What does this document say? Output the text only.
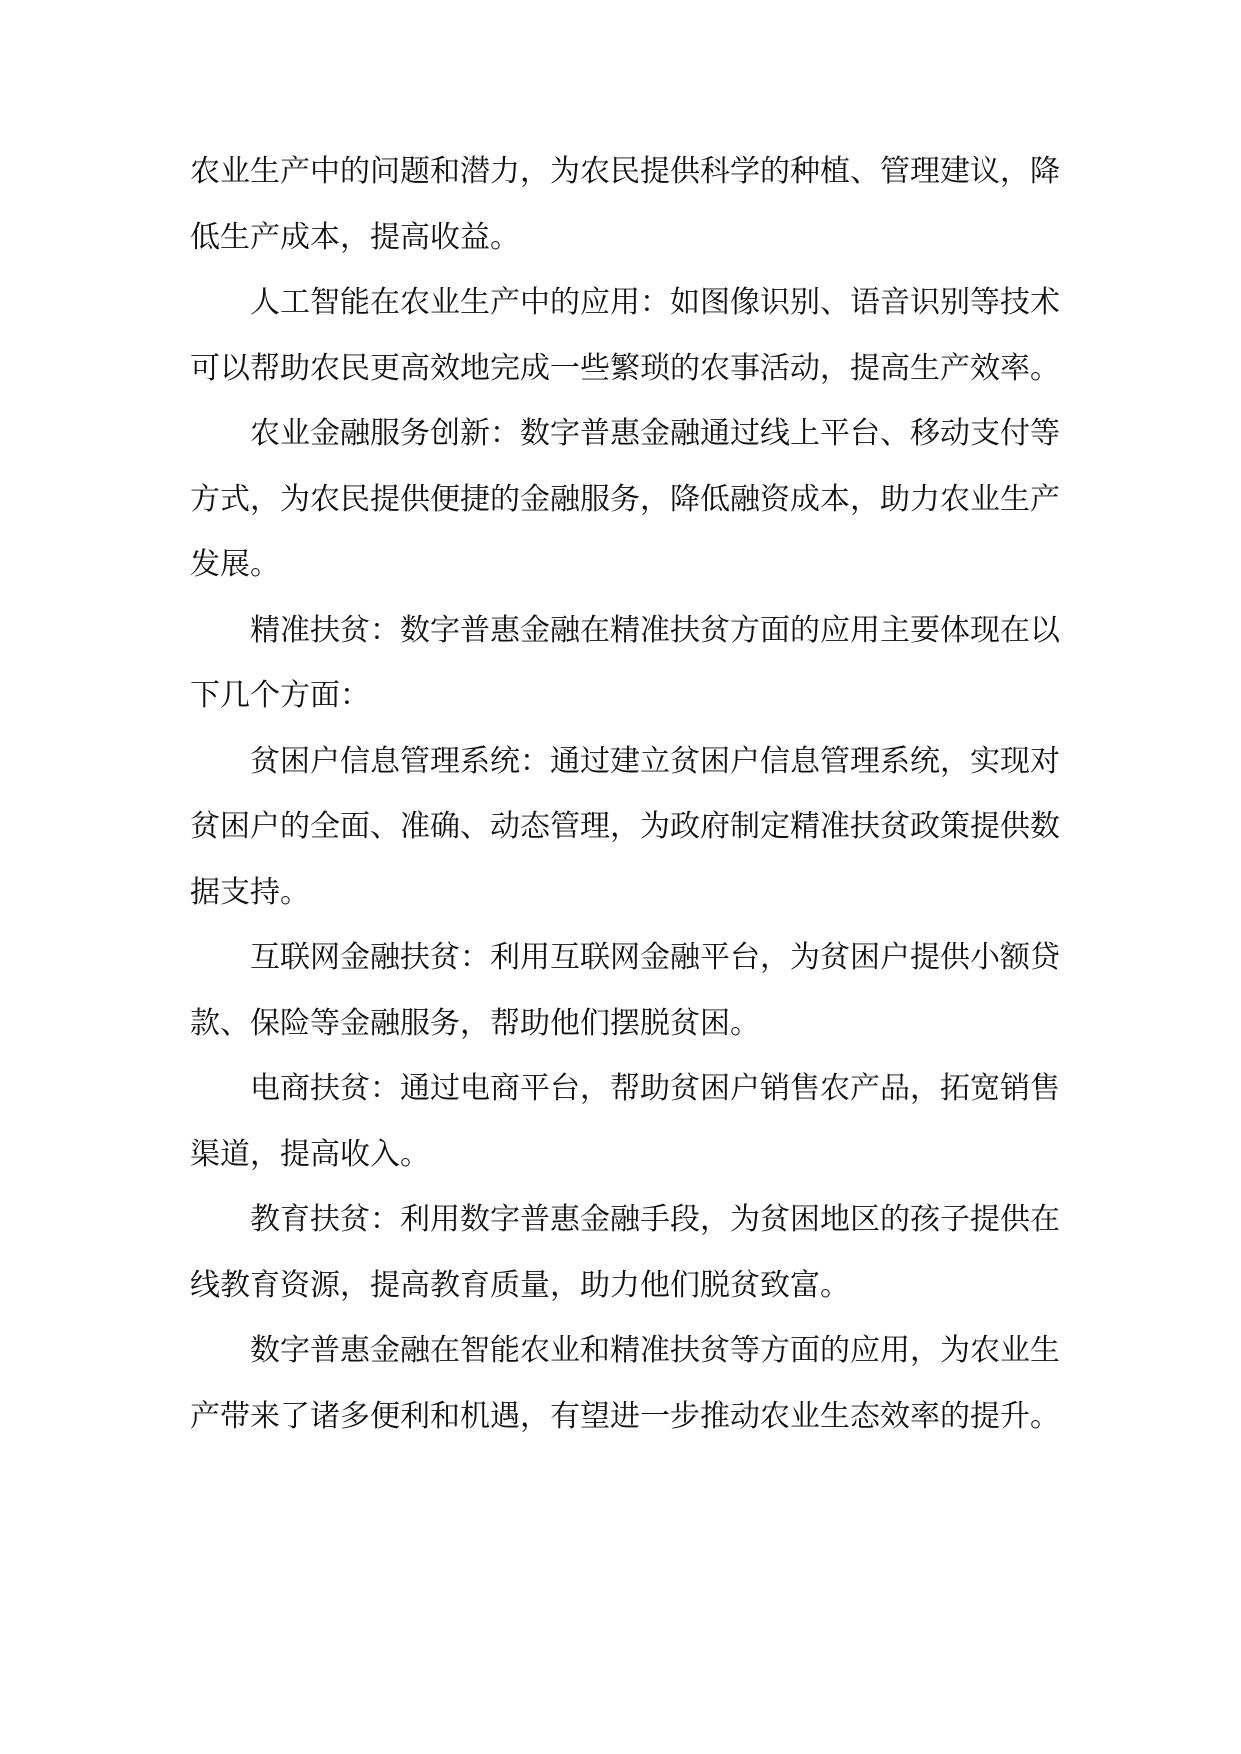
农业生产中的问题和潜力，为农民提供科学的种植、管理建议，降低生产成本，提高收益。

人工智能在农业生产中的应用：如图像识别、语音识别等技术可以帮助农民更高效地完成一些繁琐的农事活动，提高生产效率。

农业金融服务创新：数字普惠金融通过线上平台、移动支付等方式，为农民提供便捷的金融服务，降低融资成本，助力农业生产发展。

精准扶贫：数字普惠金融在精准扶贫方面的应用主要体现在以下几个方面：

贫困户信息管理系统：通过建立贫困户信息管理系统，实现对贫困户的全面、准确、动态管理，为政府制定精准扶贫政策提供数据支持。

互联网金融扶贫：利用互联网金融平台，为贫困户提供小额贷款、保险等金融服务，帮助他们摆脱贫困。

电商扶贫：通过电商平台，帮助贫困户销售农产品，拓宽销售渠道，提高收入。

教育扶贫：利用数字普惠金融手段，为贫困地区的孩子提供在线教育资源，提高教育质量，助力他们脱贫致富。

数字普惠金融在智能农业和精准扶贫等方面的应用，为农业生产带来了诸多便利和机遇，有望进一步推动农业生态效率的提升。
